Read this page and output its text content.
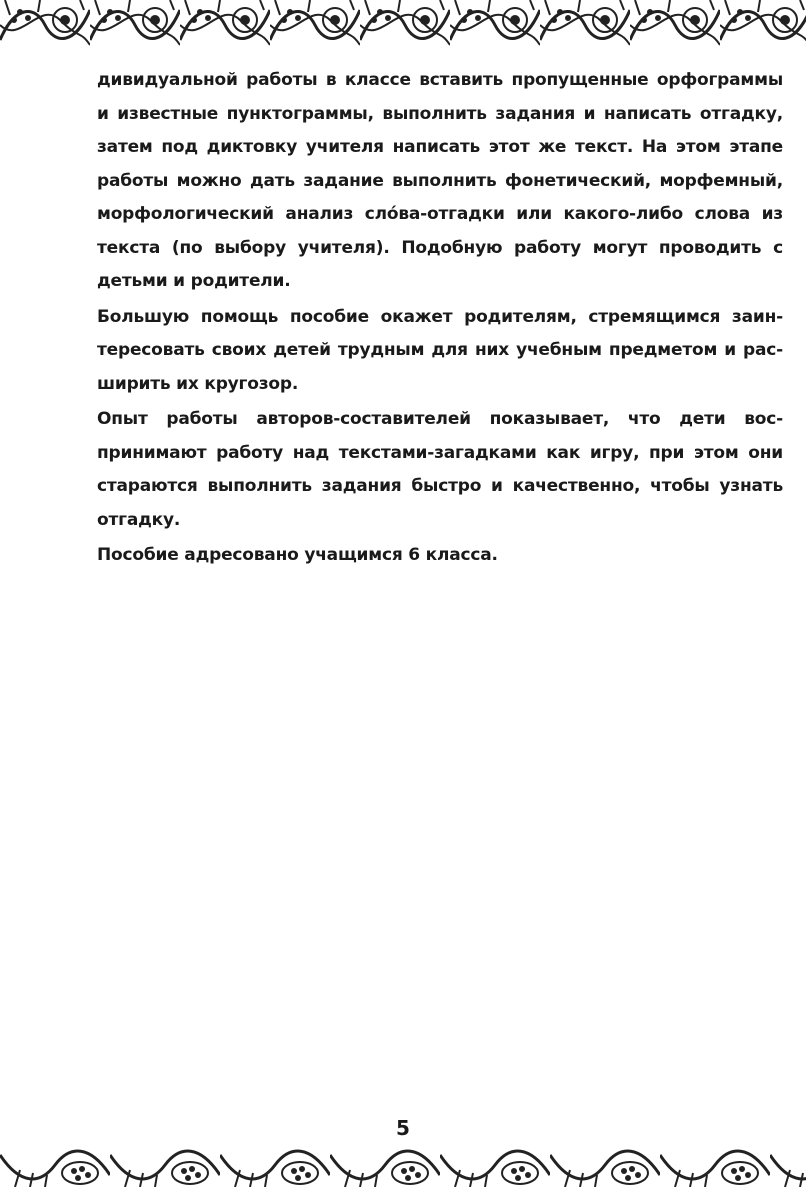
дивидуальной работы в классе вставить пропущенные орфограммы
и известные пунктограммы, выполнить задания и написать отгадку,
затем под диктовку учителя написать этот же текст. На этом этапе
работы можно дать задание выполнить фонетический, морфемный,
морфологический анализ сло́ва-отгадки или какого-либо слова из
текста (по выбору учителя). Подобную работу могут проводить с
детьми и родители.
Большую помощь пособие окажет родителям, стремящимся заин-
тересовать своих детей трудным для них учебным предметом и рас-
ширить их кругозор.
Опыт работы авторов-составителей показывает, что дети вос-
принимают работу над текстами-загадками как игру, при этом они
стараются выполнить задания быстро и качественно, чтобы узнать
отгадку.
Пособие адресовано учащимся 6 класса.
5
